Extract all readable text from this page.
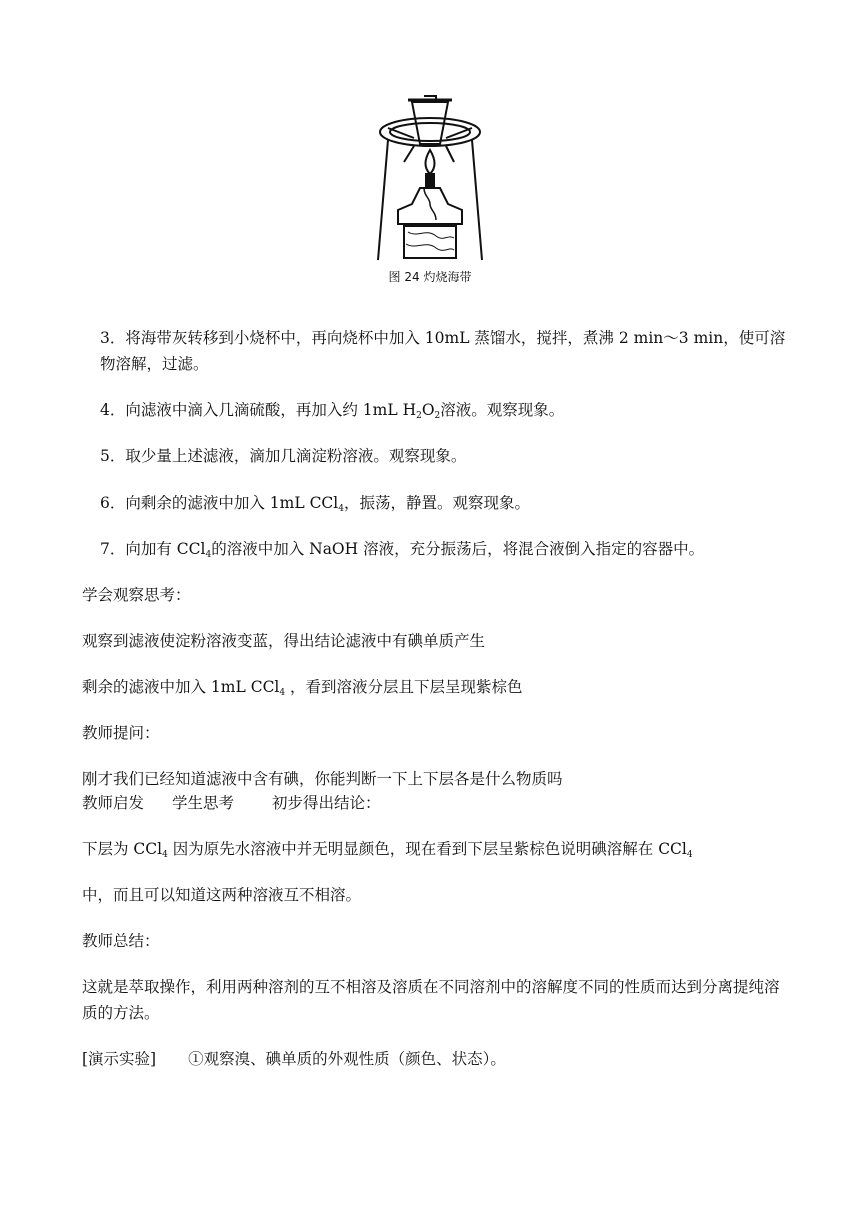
图 24 灼烧海带
3．将海带灰转移到小烧杯中，再向烧杯中加入 10mL 蒸馏水，搅拌，煮沸 2 min～3 min，使可溶物溶解，过滤。
4．向滤液中滴入几滴硫酸，再加入约 1mL $H_2O_2$溶液。观察现象。
5．取少量上述滤液，滴加几滴淀粉溶液。观察现象。
6．向剩余的滤液中加入 1mL CCl$_4$，振荡，静置。观察现象。
7．向加有 CCl$_4$的溶液中加入 NaOH 溶液，充分振荡后，将混合液倒入指定的容器中。
学会观察思考：
观察到滤液使淀粉溶液变蓝，得出结论滤液中有碘单质产生
剩余的滤液中加入 1mL CCl$_4$ ，看到溶液分层且下层呈现紫棕色
教师提问：
刚才我们已经知道滤液中含有碘，你能判断一下上下层各是什么物质吗
教师启发 学生思考 初步得出结论：
下层为 CCl$_4$ 因为原先水溶液中并无明显颜色，现在看到下层呈紫棕色说明碘溶解在 CCl$_4$
中，而且可以知道这两种溶液互不相溶。
教师总结：
这就是萃取操作，利用两种溶剂的互不相溶及溶质在不同溶剂中的溶解度不同的性质而达到分离提纯溶质的方法。
[演示实验] ①观察溴、碘单质的外观性质（颜色、状态）。
